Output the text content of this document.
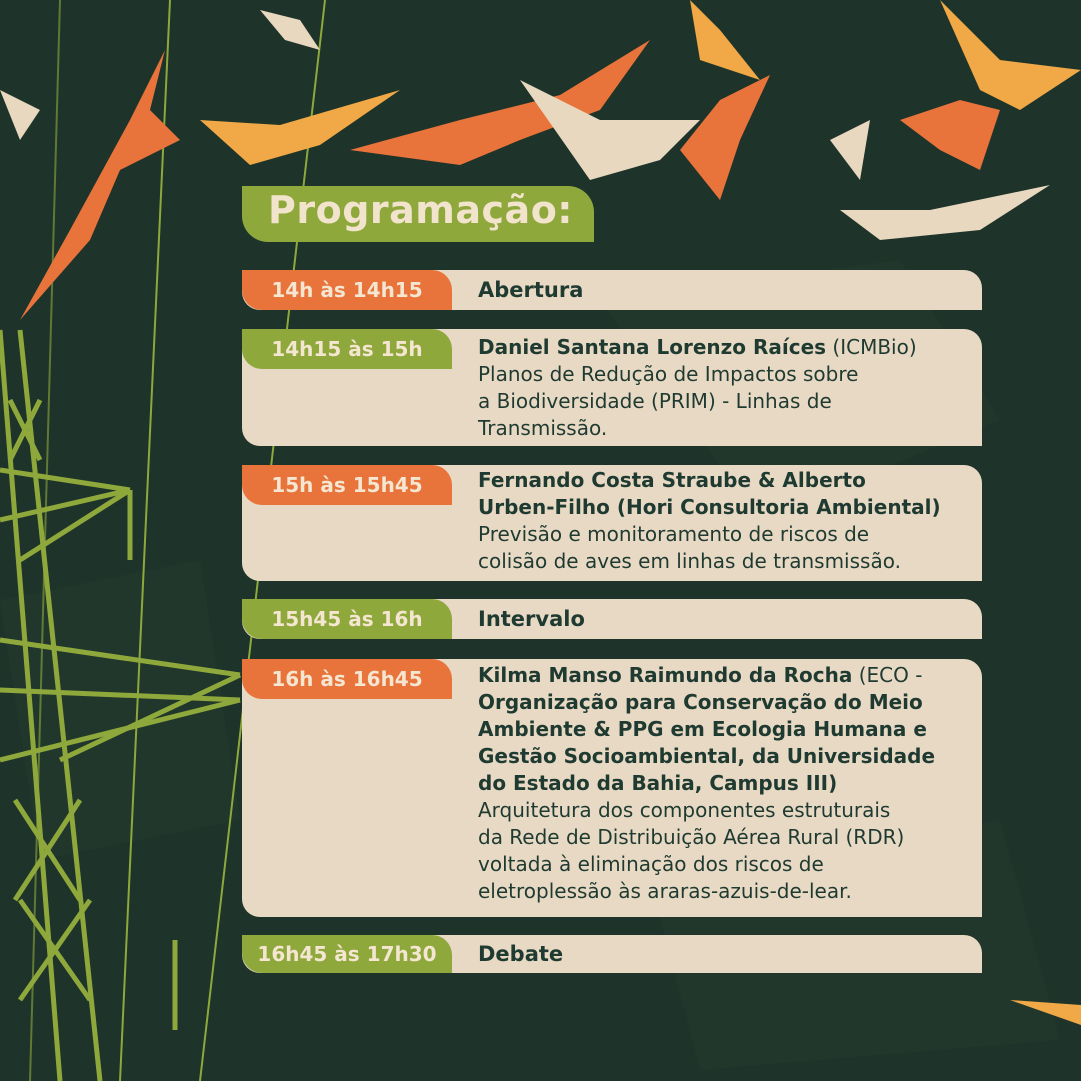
Programação:
14h às 14h15	Abertura
14h15 às 15h	Daniel Santana Lorenzo Raíces (ICMBio)
Planos de Redução de Impactos sobre
a Biodiversidade (PRIM) - Linhas de
Transmissão.
15h às 15h45	Fernando Costa Straube & Alberto
Urben-Filho (Hori Consultoria Ambiental)
Previsão e monitoramento de riscos de
colisão de aves em linhas de transmissão.
15h45 às 16h	Intervalo
16h às 16h45	Kilma Manso Raimundo da Rocha (ECO -
Organização para Conservação do Meio
Ambiente & PPG em Ecologia Humana e
Gestão Socioambiental, da Universidade
do Estado da Bahia, Campus III)
Arquitetura dos componentes estruturais
da Rede de Distribuição Aérea Rural (RDR)
voltada à eliminação dos riscos de
eletroplessão às araras-azuis-de-lear.
16h45 às 17h30	Debate
